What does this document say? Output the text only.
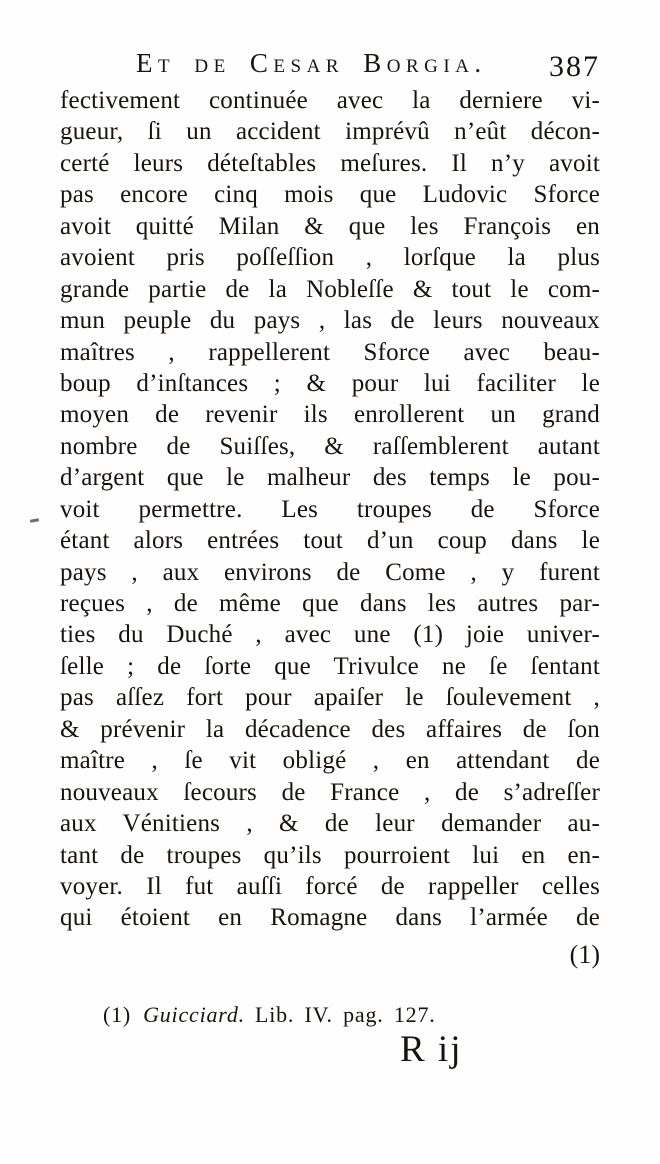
Et de Cesar Borgia. 387
fectivement continuée avec la derniere vi-
gueur, ſi un accident imprévû n’eût décon-
certé leurs déteſtables meſures. Il n’y avoit
pas encore cinq mois que Ludovic Sforce
avoit quitté Milan & que les François en
avoient pris poſſeſſion , lorſque la plus
grande partie de la Nobleſſe & tout le com-
mun peuple du pays , las de leurs nouveaux
maîtres , rappellerent Sforce avec beau-
boup d’inſtances ; & pour lui faciliter le
moyen de revenir ils enrollerent un grand
nombre de Suiſſes, & raſſemblerent autant
d’argent que le malheur des temps le pou-
voit permettre. Les troupes de Sforce
étant alors entrées tout d’un coup dans le
pays , aux environs de Come , y furent
reçues , de même que dans les autres par-
ties du Duché , avec une (1) joie univer-
ſelle ; de ſorte que Trivulce ne ſe ſentant
pas aſſez fort pour apaiſer le ſoulevement ,
& prévenir la décadence des affaires de ſon
maître , ſe vit obligé , en attendant de
nouveaux ſecours de France , de s’adreſſer
aux Vénitiens , & de leur demander au-
tant de troupes qu’ils pourroient lui en en-
voyer. Il fut auſſi forcé de rappeller celles
qui étoient en Romagne dans l’armée de
(1)
(1) Guicciard. Lib. IV. pag. 127.
R ij
